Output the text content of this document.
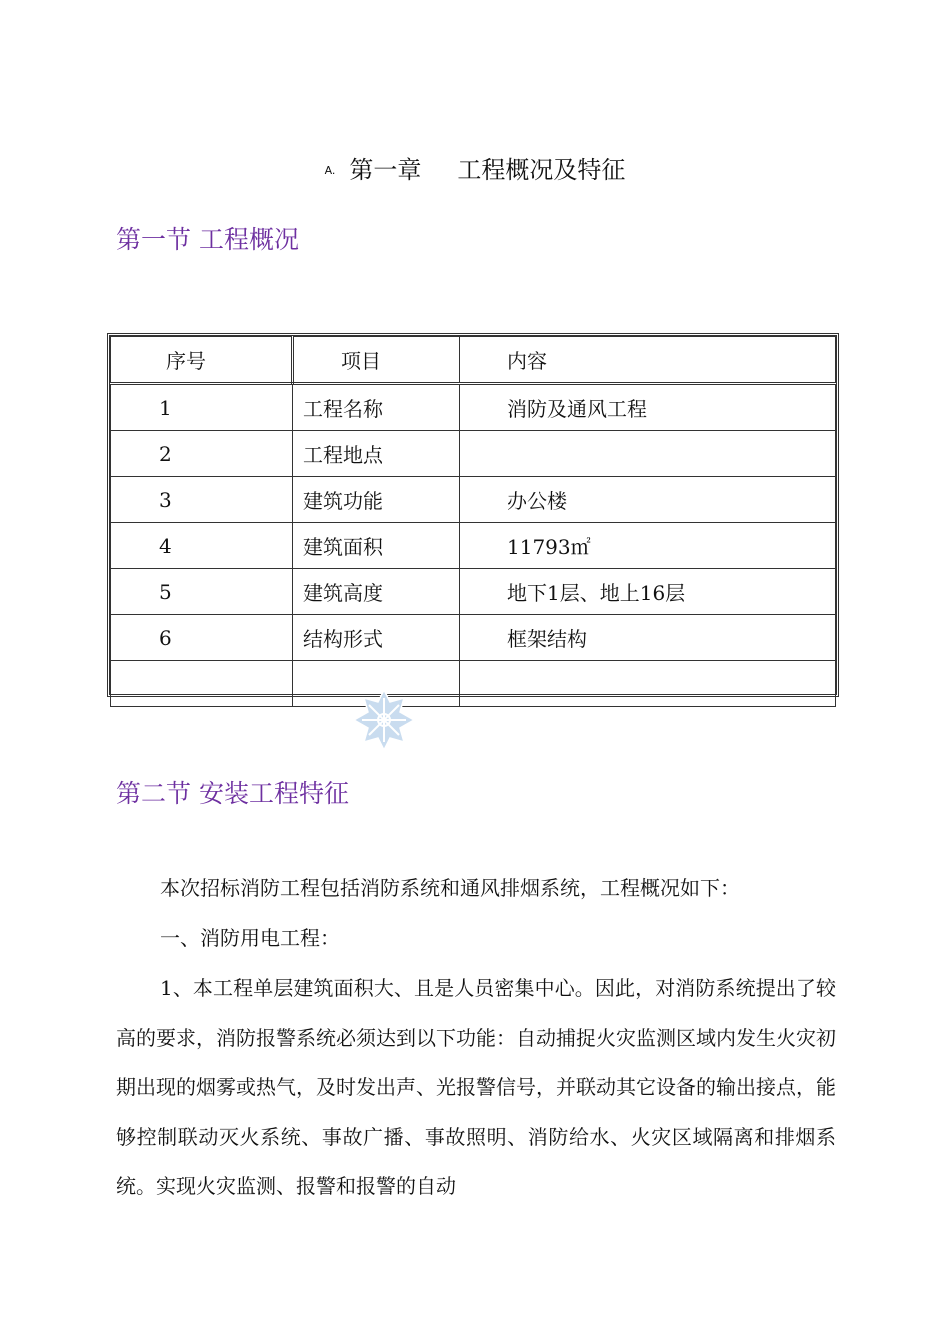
A. 第一章 工程概况及特征
第一节 工程概况
序号	项目	内容
1	工程名称	消防及通风工程
2	工程地点	
3	建筑功能	办公楼
4	建筑面积	11793㎡
5	建筑高度	地下1层、地上16层
6	结构形式	框架结构

第二节 安装工程特征

本次招标消防工程包括消防系统和通风排烟系统，工程概况如下：

一、消防用电工程：

1、本工程单层建筑面积大、且是人员密集中心。因此，对消防系统提出了较高的要求，消防报警系统必须达到以下功能：自动捕捉火灾监测区域内发生火灾初期出现的烟雾或热气，及时发出声、光报警信号，并联动其它设备的输出接点，能够控制联动灭火系统、事故广播、事故照明、消防给水、火灾区域隔离和排烟系统。实现火灾监测、报警和报警的自动
